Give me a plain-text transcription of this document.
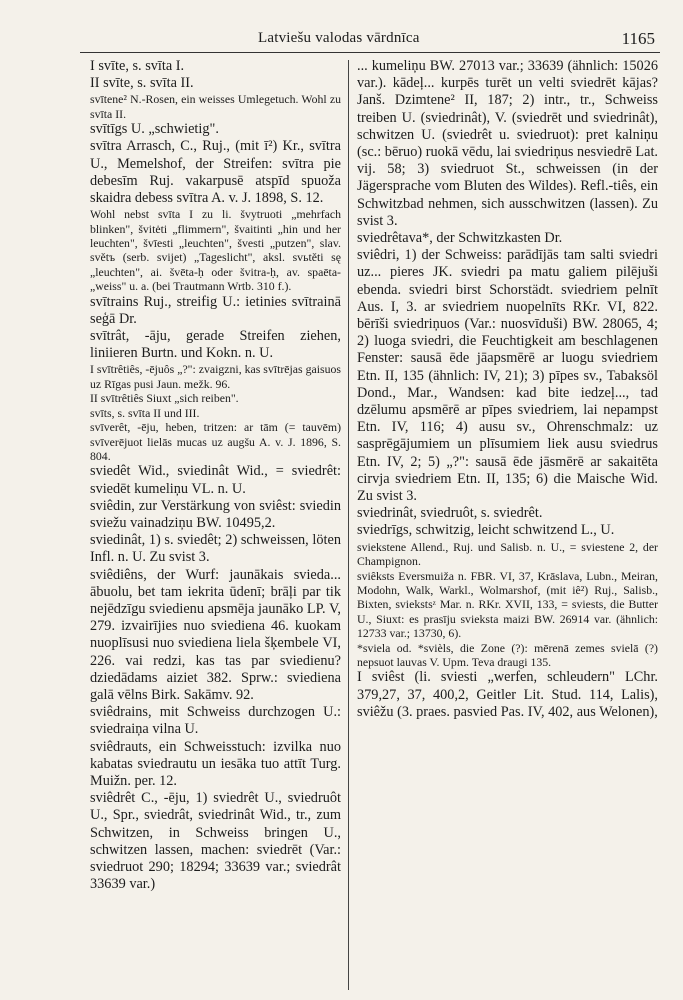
Latviešu valodas vārdnīca	1165

I svīte, s. svīta I.

II svīte, s. svīta II.

svītene² N.-Rosen, ein weisses Umlegetuch. Wohl zu svīta II.

svītīgs U. „schwietig".

svītra Arrasch, C., Ruj., (mit ī²) Kr., svītra U., Memelshof, der Streifen: svītra pie debesīm Ruj. vakarpusē atspīd spuoža skaidra debess svītra A. v. J. 1898, S. 12.

Wohl nebst svīta I zu li. švytruoti „mehrfach blinken", švitėti „flimmern", švaitinti „hin und her leuchten", švīesti „leuchten", švesti „putzen", slav. světъ (serb. svijet) „Tageslicht", aksl. svьtěti sę „leuchten", ai. švēta-ḥ oder švitra-ḥ, av. spaēta- „weiss" u. a. (bei Trautmann Wrtb. 310 f.).

svītrains Ruj., streifig U.: ietinies svītrainā seģā Dr.

svītrât, -āju, gerade Streifen ziehen, liniieren Burtn. und Kokn. n. U.

I svītrêtiês, -ējuôs „?": zvaigzni, kas svītrējas gaisuos uz Rīgas pusi Jaun. mežk. 96.

II svītrêtiês Siuxt „sich reiben".

svīts, s. svīta II und III.

svīverêt, -ēju, heben, tritzen: ar tām (= tauvēm) svīverējuot lielās mucas uz augšu A. v. J. 1896, S. 804.

sviedêt Wid., sviedinât Wid., = sviedrêt: sviedēt kumeliņu VL. n. U.

sviêdin, zur Verstärkung von sviêst: sviedin sviežu vainadziņu BW. 10495,2.

sviedinât, 1) s. sviedêt; 2) schweissen, löten Infl. n. U. Zu svist 3.

sviêdiêns, der Wurf: jaunākais svieda... ābuolu, bet tam iekrita ūdenī; brāļi par tik nejēdzīgu sviedienu apsmēja jaunāko LP. V, 279. izvairījies nuo sviediena 46. kuokam nuoplīsusi nuo sviediena liela šķembele VI, 226. vai redzi, kas tas par sviedienu? dziedādams aiziet 382. Sprw.: sviediena galā vēlns Birk. Sakāmv. 92.

sviêdrains, mit Schweiss durchzogen U.: sviedraiņa vilna U.

sviêdrauts, ein Schweisstuch: izvilka nuo kabatas sviedrautu un iesāka tuo attīt Turg. Muižn. per. 12.

sviêdrêt C., -ēju, 1) sviedrêt U., sviedruôt U., Spr., sviedrât, sviedrinât Wid., tr., zum Schwitzen, in Schweiss bringen U., schwitzen lassen, machen: sviedrēt (Var.: sviedruot 290; 18294; 33639 var.; sviedrât 33639 var.)

... kumeliņu BW. 27013 var.; 33639 (ähnlich: 15026 var.). kādeļ... kurpēs turēt un velti sviedrēt kājas? Janš. Dzimtene² II, 187; 2) intr., tr., Schweiss treiben U. (sviedrinât), V. (sviedrēt und sviedrinât), schwitzen U. (sviedrêt u. sviedruot): pret kalniņu (sc.: bēruo) ruokā vēdu, lai sviedriņus nesviedrē Lat. vij. 58; 3) sviedruot St., schweissen (in der Jägersprache vom Bluten des Wildes). Refl.-tiês, ein Schwitzbad nehmen, sich ausschwitzen (lassen). Zu svist 3.

sviedrêtava*, der Schwitzkasten Dr.

sviêdri, 1) der Schweiss: parādījās tam salti sviedri uz... pieres JK. sviedri pa matu galiem pilējuši ebenda. sviedri birst Schorstädt. sviedriem pelnīt Aus. I, 3. ar sviedriem nuopelnīts RKr. VI, 822. bērīši sviedriņuos (Var.: nuosvīduši) BW. 28065, 4; 2) luoga sviedri, die Feuchtigkeit am beschlagenen Fenster: sausā ēde jāapsmērē ar luogu sviedriem Etn. II, 135 (ähnlich: IV, 21); 3) pīpes sv., Tabaksöl Dond., Mar., Wandsen: kad bite iedzeļ..., tad dzēlumu apsmērē ar pīpes sviedriem, lai nepampst Etn. IV, 116; 4) ausu sv., Ohrenschmalz: uz sasprēgājumiem un plīsumiem liek ausu sviedrus Etn. IV, 2; 5) „?": sausā ēde jāsmērē ar sakaitēta cirvja sviedriem Etn. II, 135; 6) die Maische Wid. Zu svist 3.

sviedrinât, sviedruôt, s. sviedrêt.

sviedrīgs, schwitzig, leicht schwitzend L., U.

sviekstene Allend., Ruj. und Salisb. n. U., = sviestene 2, der Champignon.

sviêksts Eversmuiža n. FBR. VI, 37, Krāslava, Lubn., Meiran, Modohn, Walk, Warkl., Wolmarshof, (mit iê²) Ruj., Salisb., Bixten, sviekstsᶻ Mar. n. RKr. XVII, 133, = sviests, die Butter U., Siuxt: es prasīju svieksta maizi BW. 26914 var. (ähnlich: 12733 var.; 13730, 6).

*sviela od. *svièls, die Zone (?): mērenā zemes svielā (?) nepsuot lauvas V. Upm. Teva draugi 135.

I sviêst (li. sviesti „werfen, schleudern" LChr. 379,27, 37, 400,2, Geitler Lit. Stud. 114, Lalis), sviêžu (3. praes. pasvied Pas. IV, 402, aus Welonen),
